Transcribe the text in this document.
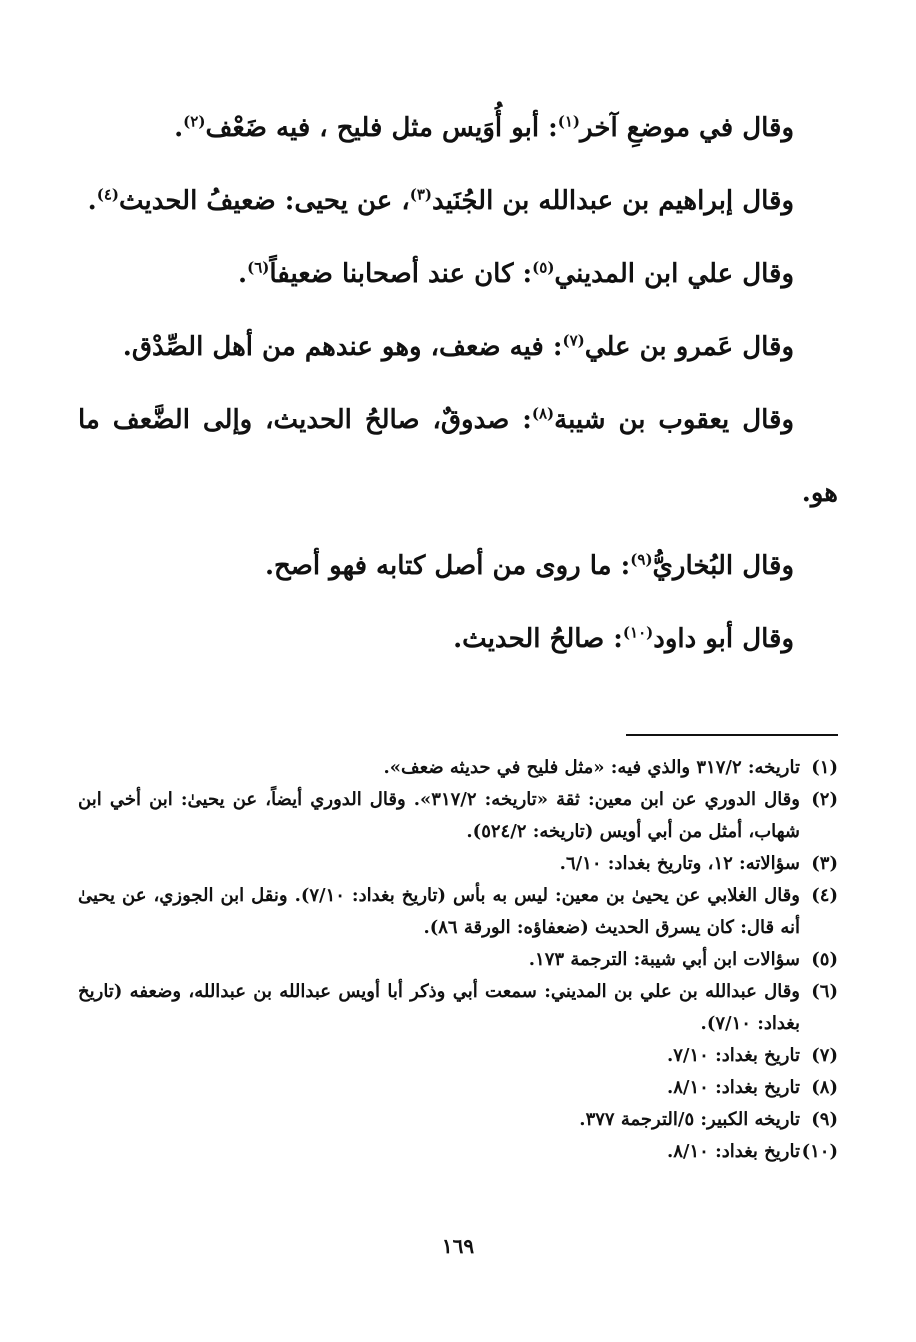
وقال في موضعِ آخر$^{(١)}$: أبو أُوَيس مثل فليح ، فيه ضَعْف$^{(٢)}$.

وقال إبراهيم بن عبدالله بن الجُنَيد$^{(٣)}$، عن يحيى: ضعيفُ الحديث$^{(٤)}$.

وقال علي ابن المديني$^{(٥)}$: كان عند أصحابنا ضعيفاً$^{(٦)}$.

وقال عَمرو بن علي$^{(٧)}$: فيه ضعف، وهو عندهم من أهل الصِّدْق.

وقال يعقوب بن شيبة$^{(٨)}$: صدوقٌ، صالحُ الحديث، وإلى الضَّعف ما هو.

وقال البُخاريُّ$^{(٩)}$: ما روى من أصل كتابه فهو أصح.

وقال أبو داود$^{(١٠)}$: صالحُ الحديث.

(١)
تاريخه: ٣١٧/٢ والذي فيه: «مثل فليح في حديثه ضعف».
(٢)
وقال الدوري عن ابن معين: ثقة «تاريخه: ٣١٧/٢». وقال الدوري أيضاً، عن يحيىٰ: ابن أخي ابن شهاب، أمثل من أبي أويس (تاريخه: ٥٢٤/٢).
(٣)
سؤالاته: ١٢، وتاريخ بغداد: ٦/١٠.
(٤)
وقال الغلابي عن يحيىٰ بن معين: ليس به بأس (تاريخ بغداد: ٧/١٠). ونقل ابن الجوزي، عن يحيىٰ أنه قال: كان يسرق الحديث (ضعفاؤه: الورقة ٨٦).
(٥)
سؤالات ابن أبي شيبة: الترجمة ١٧٣.
(٦)
وقال عبدالله بن علي بن المديني: سمعت أبي وذكر أبا أويس عبدالله بن عبدالله، وضعفه (تاريخ بغداد: ٧/١٠).
(٧)
تاريخ بغداد: ٧/١٠.
(٨)
تاريخ بغداد: ٨/١٠.
(٩)
تاريخه الكبير: ٥/الترجمة ٣٧٧.
(١٠)
تاريخ بغداد: ٨/١٠.
١٦٩
